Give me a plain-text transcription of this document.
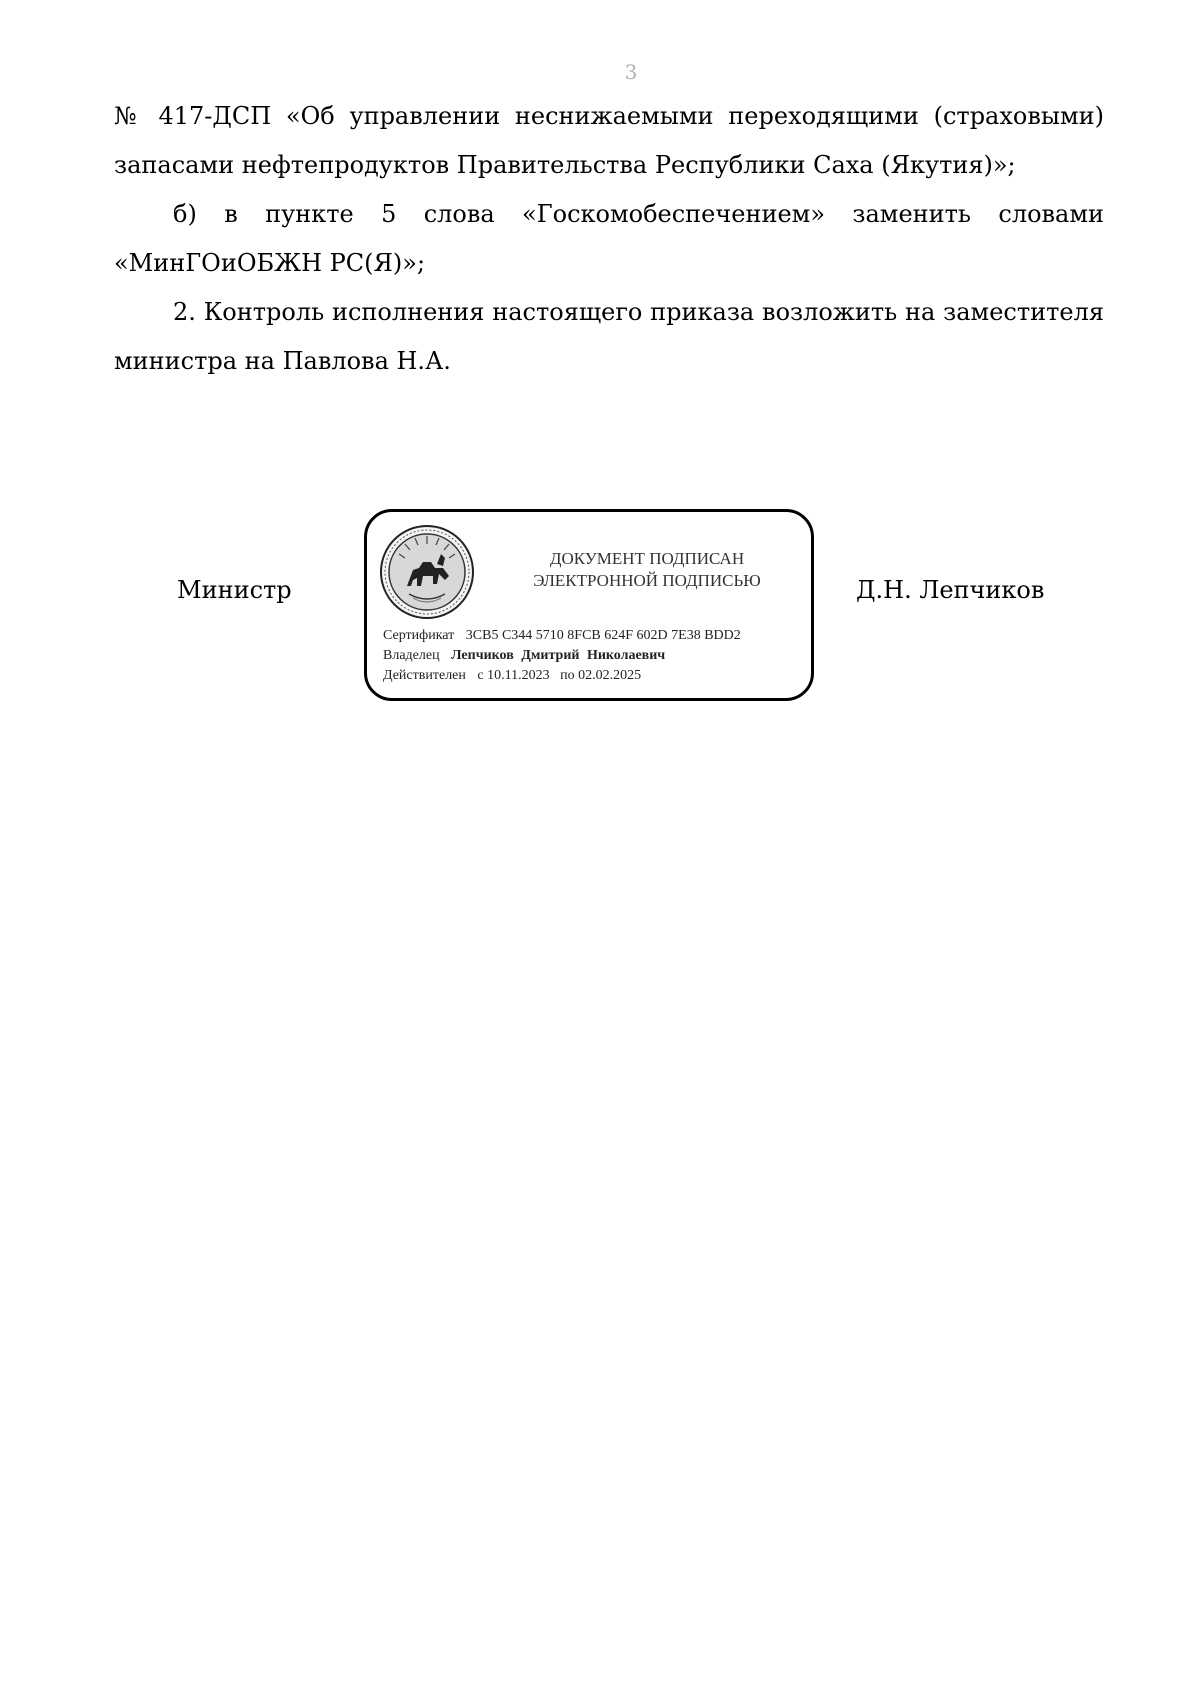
3

№ 417-ДСП «Об управлении неснижаемыми переходящими (страховыми) запасами нефтепродуктов Правительства Республики Саха (Якутия)»;

б) в пункте 5 слова «Госкомобеспечением» заменить словами «МинГОиОБЖН РС(Я)»;

2. Контроль исполнения настоящего приказа возложить на заместителя министра на Павлова Н.А.

Министр
ДОКУМЕНТ ПОДПИСАН
ЭЛЕКТРОННОЙ ПОДПИСЬЮ
Сертификат 3CB5 C344 5710 8FCB 624F 602D 7E38 BDD2
Владелец Лепчиков Дмитрий Николаевич
Действителен с 10.11.2023 по 02.02.2025
Д.Н. Лепчиков
